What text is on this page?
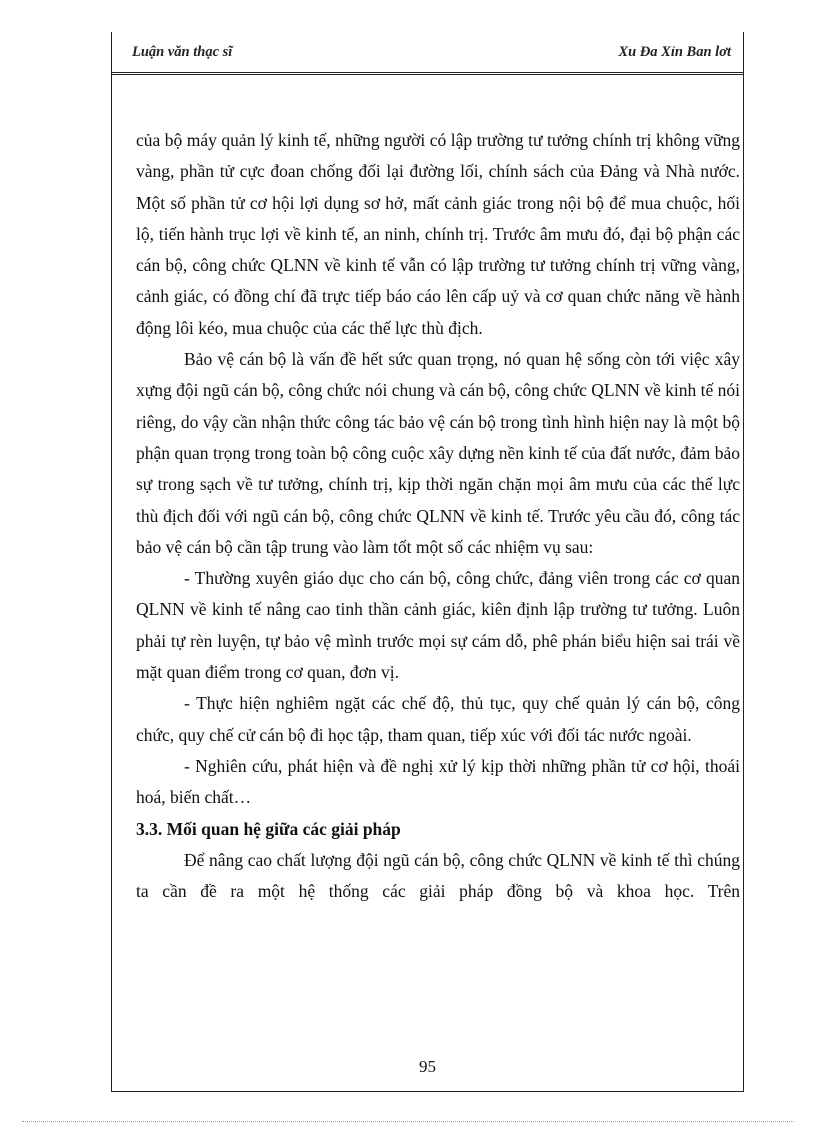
Luận văn thạc sĩ	Xu Đa Xỉn Ban lơt

của bộ máy quản lý kinh tế, những người có lập trường tư tưởng chính trị không vững vàng, phần tử cực đoan chống đối lại đường lối, chính sách của Đảng và Nhà nước. Một số phần tử cơ hội lợi dụng sơ hở, mất cảnh giác trong nội bộ để mua chuộc, hối lộ, tiến hành trục lợi về kinh tế, an ninh, chính trị. Trước âm mưu đó, đại bộ phận các cán bộ, công chức QLNN về kinh tế vẫn có lập trường tư tưởng chính trị vững vàng, cảnh giác, có đồng chí đã trực tiếp báo cáo lên cấp uỷ và cơ quan chức năng về hành động lôi kéo, mua chuộc của các thế lực thù địch.

Bảo vệ cán bộ là vấn đề hết sức quan trọng, nó quan hệ sống còn tới việc xây xựng đội ngũ cán bộ, công chức nói chung và cán bộ, công chức QLNN về kinh tế nói riêng, do vậy cần nhận thức công tác bảo vệ cán bộ trong tình hình hiện nay là một bộ phận quan trọng trong toàn bộ công cuộc xây dựng nền kinh tế của đất nước, đảm bảo sự trong sạch về tư tưởng, chính trị, kịp thời ngăn chặn mọi âm mưu của các thế lực thù địch đối với ngũ cán bộ, công chức QLNN về kinh tế. Trước yêu cầu đó, công tác bảo vệ cán bộ cần tập trung vào làm tốt một số các nhiệm vụ sau:

- Thường xuyên giáo dục cho cán bộ, công chức, đảng viên trong các cơ quan QLNN về kinh tế nâng cao tinh thần cảnh giác, kiên định lập trường tư tưởng. Luôn phải tự rèn luyện, tự bảo vệ mình trước mọi sự cám dỗ, phê phán biểu hiện sai trái về mặt quan điểm trong cơ quan, đơn vị.

- Thực hiện nghiêm ngặt các chế độ, thủ tục, quy chế quản lý cán bộ, công chức, quy chế cử cán bộ đi học tập, tham quan, tiếp xúc với đối tác nước ngoài.

- Nghiên cứu, phát hiện và đề nghị xử lý kịp thời những phần tử cơ hội, thoái hoá, biến chất…

3.3. Mối quan hệ giữa các giải pháp

Để nâng cao chất lượng đội ngũ cán bộ, công chức QLNN về kinh tế thì chúng ta cần đề ra một hệ thống các giải pháp đồng bộ và khoa học. Trên

95
